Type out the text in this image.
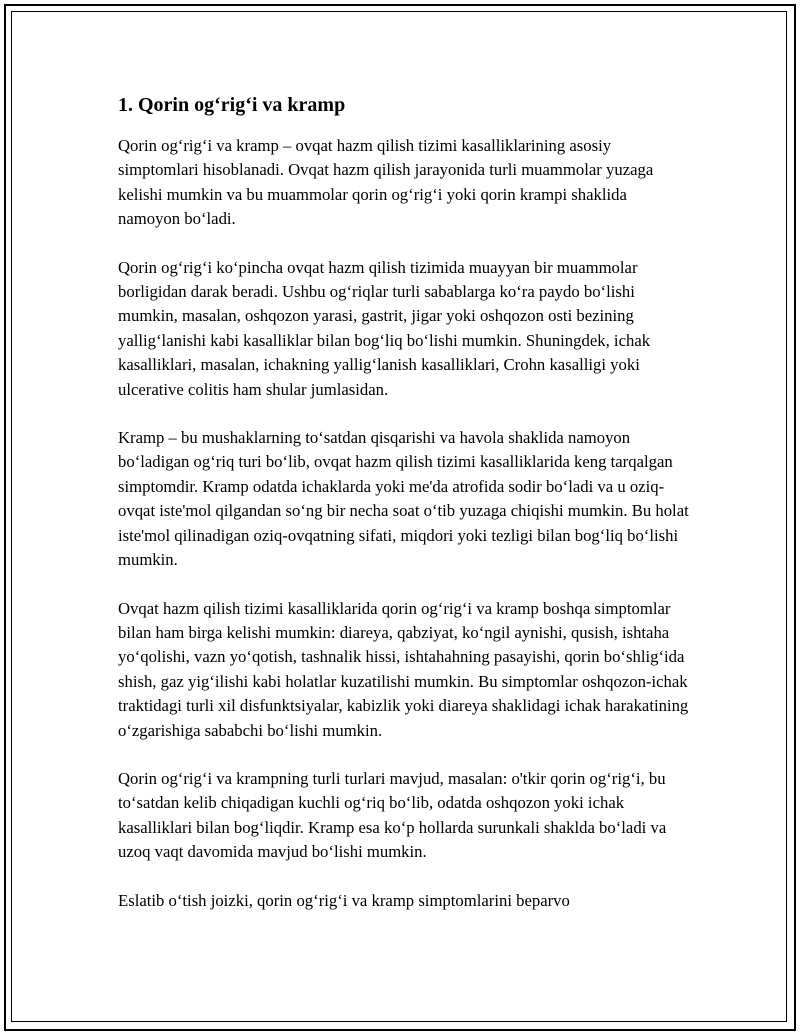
1. Qorin og‘rig‘i va kramp

Qorin og‘rig‘i va kramp – ovqat hazm qilish tizimi kasalliklarining asosiy simptomlari hisoblanadi. Ovqat hazm qilish jarayonida turli muammolar yuzaga kelishi mumkin va bu muammolar qorin og‘rig‘i yoki qorin krampi shaklida namoyon bo‘ladi.

Qorin og‘rig‘i ko‘pincha ovqat hazm qilish tizimida muayyan bir muammolar borligidan darak beradi. Ushbu og‘riqlar turli sabablarga ko‘ra paydo bo‘lishi mumkin, masalan, oshqozon yarasi, gastrit, jigar yoki oshqozon osti bezining yallig‘lanishi kabi kasalliklar bilan bog‘liq bo‘lishi mumkin. Shuningdek, ichak kasalliklari, masalan, ichakning yallig‘lanish kasalliklari, Crohn kasalligi yoki ulcerative colitis ham shular jumlasidan.

Kramp – bu mushaklarning to‘satdan qisqarishi va havola shaklida namoyon bo‘ladigan og‘riq turi bo‘lib, ovqat hazm qilish tizimi kasalliklarida keng tarqalgan simptomdir. Kramp odatda ichaklarda yoki me'da atrofida sodir bo‘ladi va u oziq-ovqat iste'mol qilgandan so‘ng bir necha soat o‘tib yuzaga chiqishi mumkin. Bu holat iste'mol qilinadigan oziq-ovqatning sifati, miqdori yoki tezligi bilan bog‘liq bo‘lishi mumkin.

Ovqat hazm qilish tizimi kasalliklarida qorin og‘rig‘i va kramp boshqa simptomlar bilan ham birga kelishi mumkin: diareya, qabziyat, ko‘ngil aynishi, qusish, ishtaha yo‘qolishi, vazn yo‘qotish, tashnalik hissi, ishtahahning pasayishi, qorin bo‘shlig‘ida shish, gaz yig‘ilishi kabi holatlar kuzatilishi mumkin. Bu simptomlar oshqozon-ichak traktidagi turli xil disfunktsiyalar, kabizlik yoki diareya shaklidagi ichak harakatining o‘zgarishiga sababchi bo‘lishi mumkin.

Qorin og‘rig‘i va krampning turli turlari mavjud, masalan: o'tkir qorin og‘rig‘i, bu to‘satdan kelib chiqadigan kuchli og‘riq bo‘lib, odatda oshqozon yoki ichak kasalliklari bilan bog‘liqdir. Kramp esa ko‘p hollarda surunkali shaklda bo‘ladi va uzoq vaqt davomida mavjud bo‘lishi mumkin.

Eslatib o‘tish joizki, qorin og‘rig‘i va kramp simptomlarini beparvo
